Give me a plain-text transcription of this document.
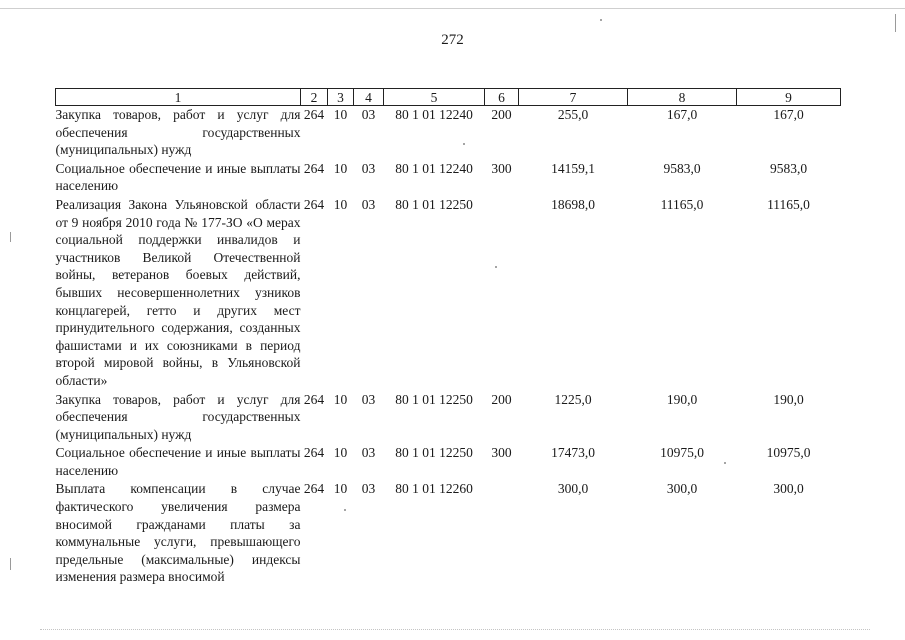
272
1	2	3	4	5	6	7	8	9
Закупка товаров, работ и услуг для обеспечения государственных (муниципальных) нужд	264	10	03	80 1 01 12240	200	255,0	167,0	167,0
Социальное обеспечение и иные выплаты населению	264	10	03	80 1 01 12240	300	14159,1	9583,0	9583,0
Реализация Закона Ульяновской области от 9 ноября 2010 года № 177-ЗО «О мерах социальной поддержки инвалидов и участников Великой Отечественной войны, ветеранов боевых действий, бывших несовершеннолетних узников концлагерей, гетто и других мест принудительного содержания, созданных фашистами и их союзниками в период второй мировой войны, в Ульяновской области»	264	10	03	80 1 01 12250		18698,0	11165,0	11165,0
Закупка товаров, работ и услуг для обеспечения государственных (муниципальных) нужд	264	10	03	80 1 01 12250	200	1225,0	190,0	190,0
Социальное обеспечение и иные выплаты населению	264	10	03	80 1 01 12250	300	17473,0	10975,0	10975,0
Выплата компенсации в случае фактического увеличения размера вносимой гражданами платы за коммунальные услуги, превышающего предельные (максимальные) индексы изменения размера вносимой	264	10	03	80 1 01 12260		300,0	300,0	300,0
